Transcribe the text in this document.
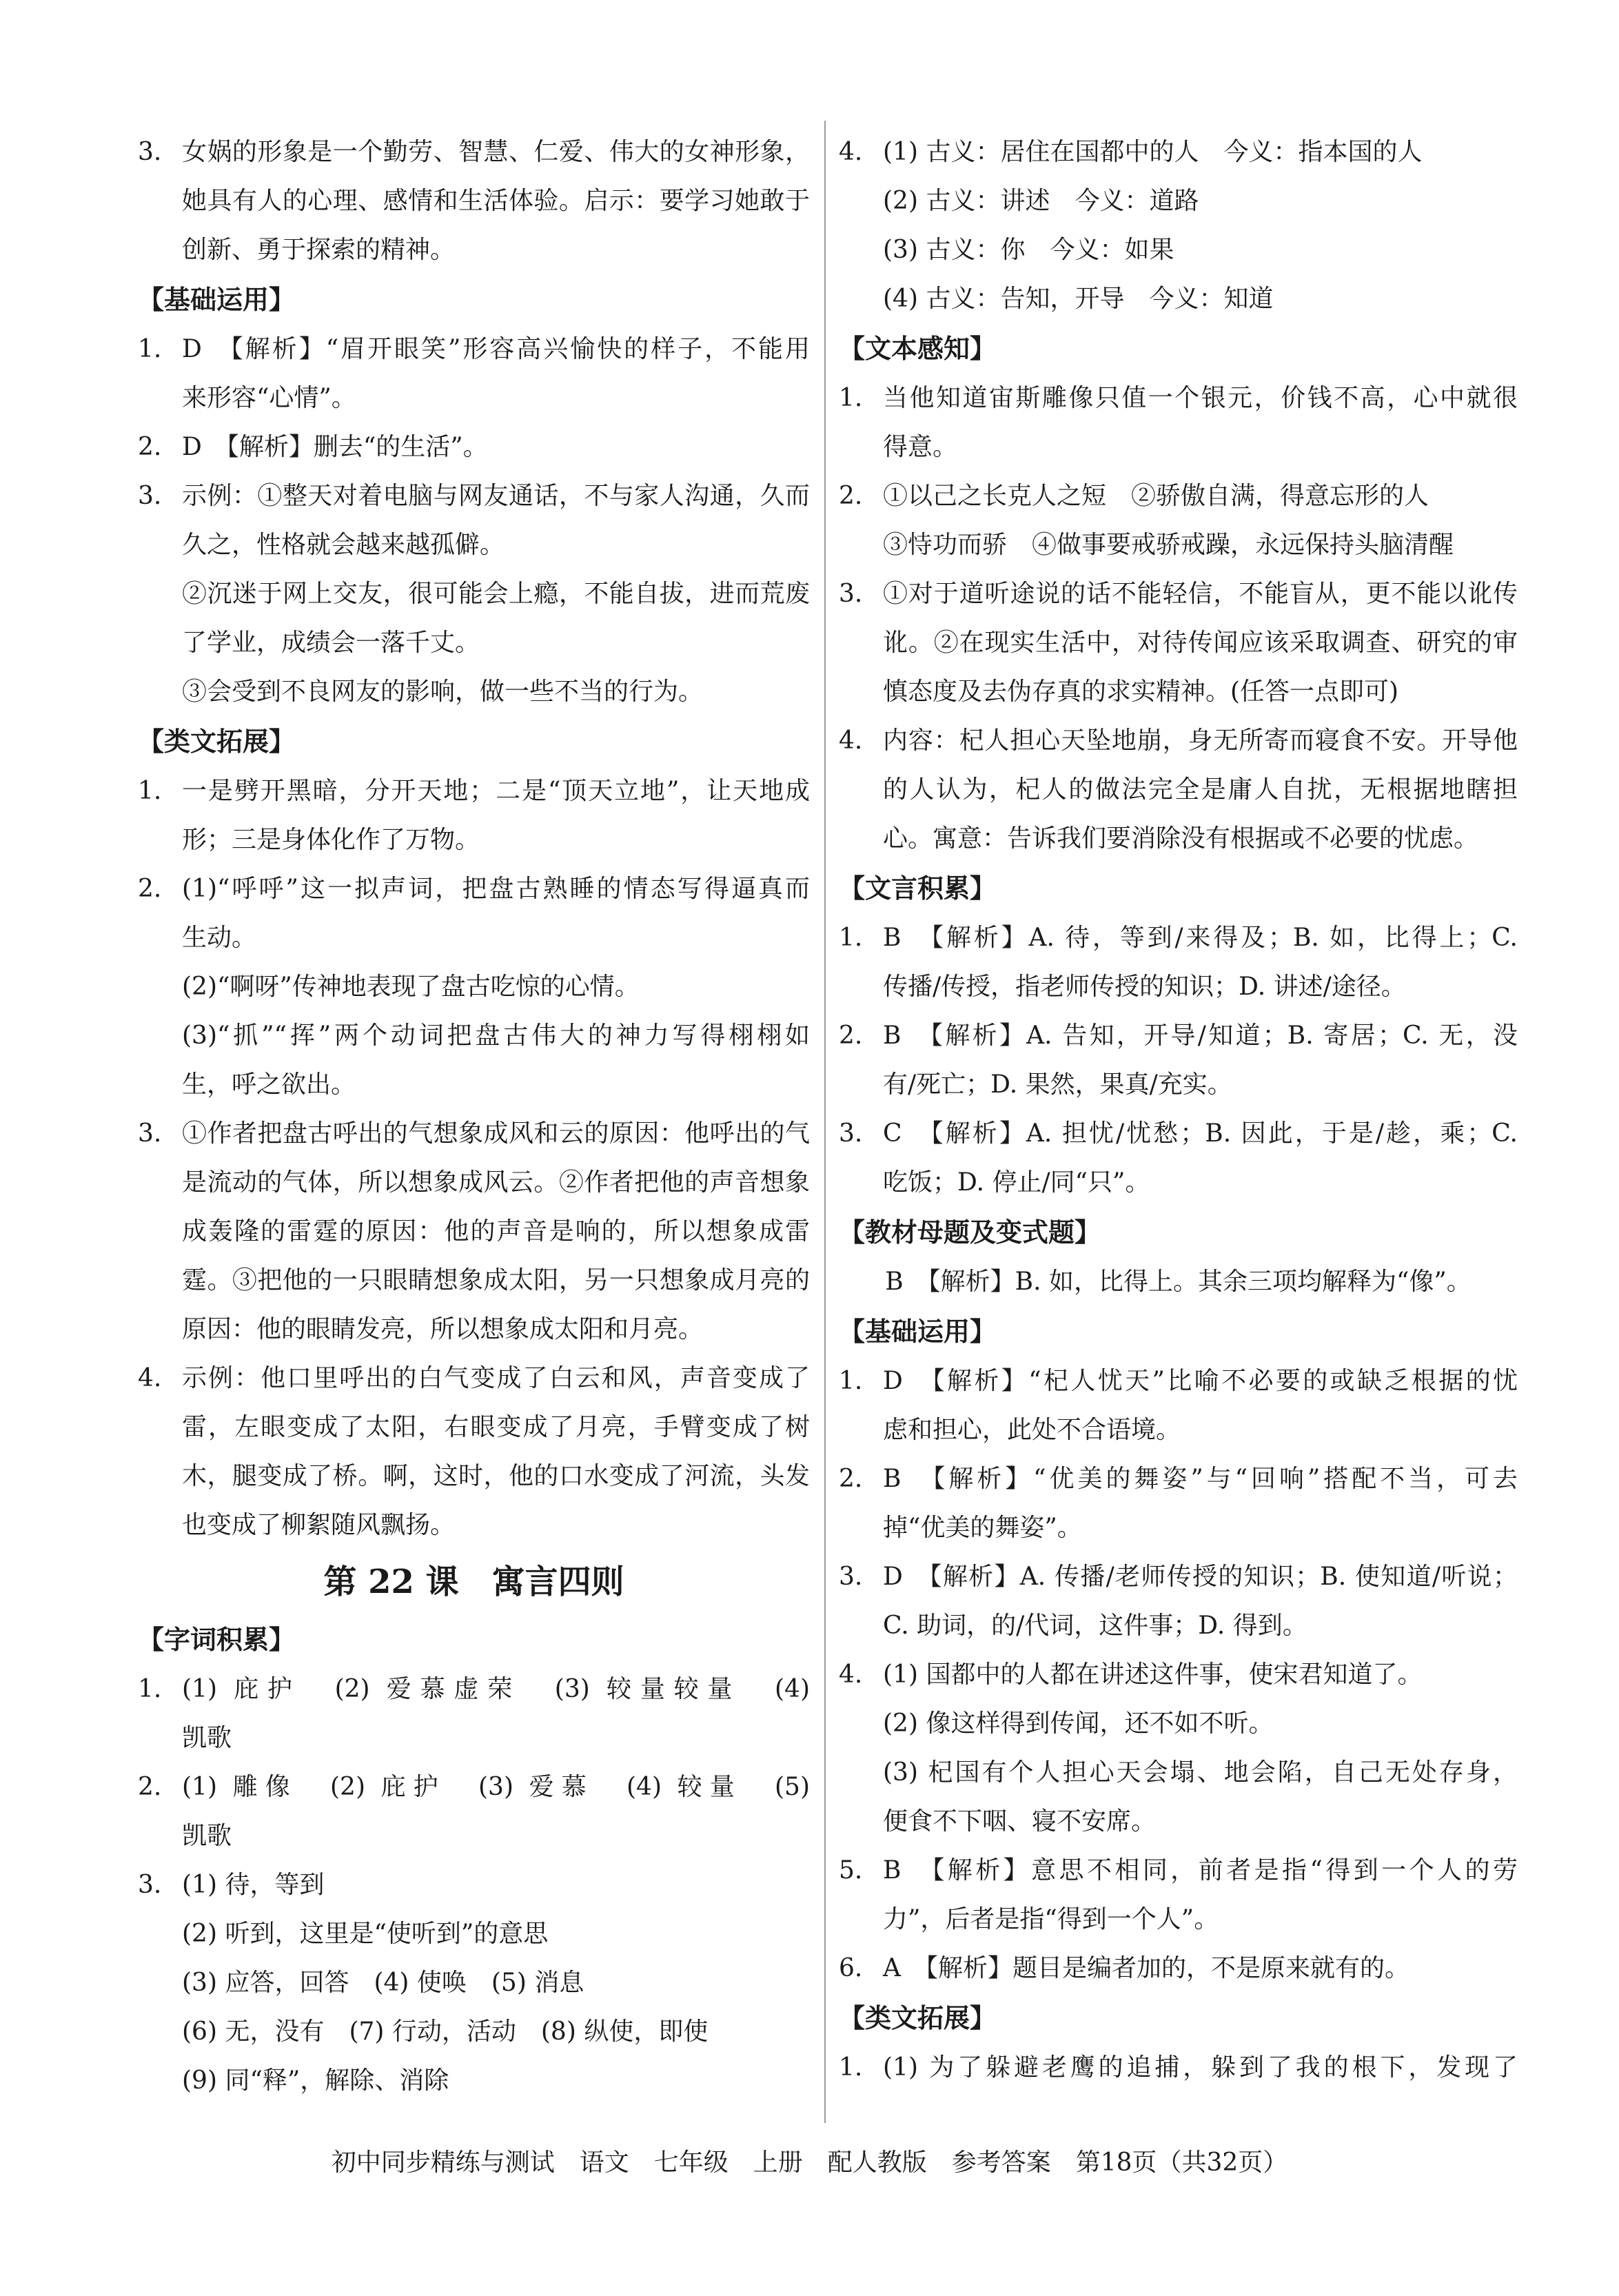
3. 女娲的形象是一个勤劳、智慧、仁爱、伟大的女神形象，
她具有人的心理、感情和生活体验。启示：要学习她敢于
创新、勇于探索的精神。
【基础运用】
1. D　【解析】“眉开眼笑”形容高兴愉快的样子，不能用
来形容“心情”。
2. D　【解析】删去“的生活”。
3. 示例：①整天对着电脑与网友通话，不与家人沟通，久而
久之，性格就会越来越孤僻。
②沉迷于网上交友，很可能会上瘾，不能自拔，进而荒废
了学业，成绩会一落千丈。
③会受到不良网友的影响，做一些不当的行为。
【类文拓展】
1. 一是劈开黑暗，分开天地；二是“顶天立地”，让天地成
形；三是身体化作了万物。
2. (1)“呼呼”这一拟声词，把盘古熟睡的情态写得逼真而
生动。
(2)“啊呀”传神地表现了盘古吃惊的心情。
(3)“抓”“挥”两个动词把盘古伟大的神力写得栩栩如
生，呼之欲出。
3. ①作者把盘古呼出的气想象成风和云的原因：他呼出的气
是流动的气体，所以想象成风云。②作者把他的声音想象
成轰隆的雷霆的原因：他的声音是响的，所以想象成雷
霆。③把他的一只眼睛想象成太阳，另一只想象成月亮的
原因：他的眼睛发亮，所以想象成太阳和月亮。
4. 示例：他口里呼出的白气变成了白云和风，声音变成了
雷，左眼变成了太阳，右眼变成了月亮，手臂变成了树
木，腿变成了桥。啊，这时，他的口水变成了河流，头发
也变成了柳絮随风飘扬。
第 22 课　寓言四则
【字词积累】
1. (1) 庇护　(2) 爱慕虚荣　(3) 较量较量　(4)
凯歌
2. (1) 雕像　(2) 庇护　(3) 爱慕　(4) 较量　(5)
凯歌
3. (1) 待，等到
(2) 听到，这里是“使听到”的意思
(3) 应答，回答　(4) 使唤　(5) 消息
(6) 无，没有　(7) 行动，活动　(8) 纵使，即使
(9) 同“释”，解除、消除
4. (1) 古义：居住在国都中的人　今义：指本国的人
(2) 古义：讲述　今义：道路
(3) 古义：你　今义：如果
(4) 古义：告知，开导　今义：知道
【文本感知】
1. 当他知道宙斯雕像只值一个银元，价钱不高，心中就很
得意。
2. ①以己之长克人之短　②骄傲自满，得意忘形的人
③恃功而骄　④做事要戒骄戒躁，永远保持头脑清醒
3. ①对于道听途说的话不能轻信，不能盲从，更不能以讹传
讹。②在现实生活中，对待传闻应该采取调查、研究的审
慎态度及去伪存真的求实精神。(任答一点即可)
4. 内容：杞人担心天坠地崩，身无所寄而寝食不安。开导他
的人认为，杞人的做法完全是庸人自扰，无根据地瞎担
心。寓意：告诉我们要消除没有根据或不必要的忧虑。
【文言积累】
1. B　【解析】A. 待，等到/来得及；B. 如，比得上；C.
传播/传授，指老师传授的知识；D. 讲述/途径。
2. B　【解析】A. 告知，开导/知道；B. 寄居；C. 无，没
有/死亡；D. 果然，果真/充实。
3. C　【解析】A. 担忧/忧愁；B. 因此，于是/趁，乘；C.
吃饭；D. 停止/同“只”。
【教材母题及变式题】
B　【解析】B. 如，比得上。其余三项均解释为“像”。
【基础运用】
1. D　【解析】“杞人忧天”比喻不必要的或缺乏根据的忧
虑和担心，此处不合语境。
2. B　【解析】“优美的舞姿”与“回响”搭配不当，可去
掉“优美的舞姿”。
3. D　【解析】A. 传播/老师传授的知识；B. 使知道/听说；
C. 助词，的/代词，这件事；D. 得到。
4. (1) 国都中的人都在讲述这件事，使宋君知道了。
(2) 像这样得到传闻，还不如不听。
(3) 杞国有个人担心天会塌、地会陷，自己无处存身，
便食不下咽、寝不安席。
5. B　【解析】意思不相同，前者是指“得到一个人的劳
力”，后者是指“得到一个人”。
6. A　【解析】题目是编者加的，不是原来就有的。
【类文拓展】
1. (1) 为了躲避老鹰的追捕，躲到了我的根下，发现了
初中同步精练与测试　语文　七年级　上册　配人教版　参考答案　第18页（共32页）
